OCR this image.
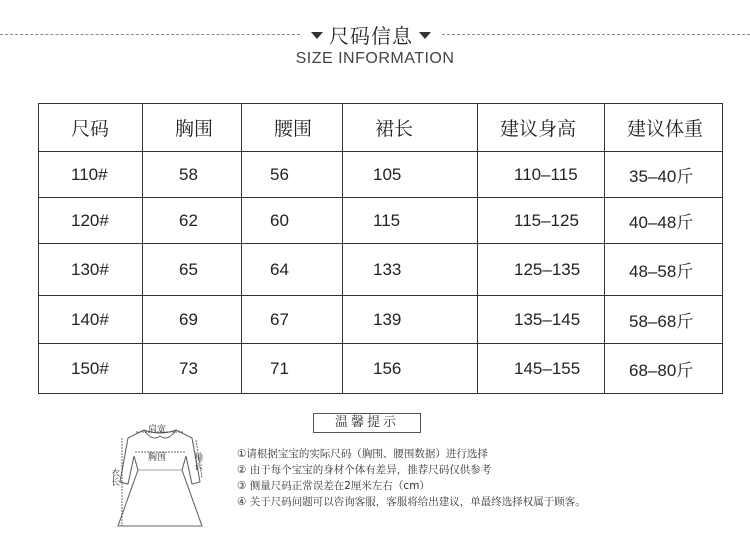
尺码信息
SIZE INFORMATION
尺码	胸围	腰围	裙长	建议身高	建议体重
110#	58	56	105	110–115	35–40斤
120#	62	60	115	115–125	40–48斤
130#	65	64	133	125–135	48–58斤
140#	69	67	139	135–145	58–68斤
150#	73	71	156	145–155	68–80斤
温馨提示
肩宽
胸围	袖长
衣长
①请根据宝宝的实际尺码（胸围、腰围数据）进行选择
② 由于每个宝宝的身材个体有差异，推荐尺码仅供参考
③ 侧量尺码正常误差在2厘米左右（cm）
④ 关于尺码问题可以咨询客服，客服将给出建议，单最终选择权属于顾客。
